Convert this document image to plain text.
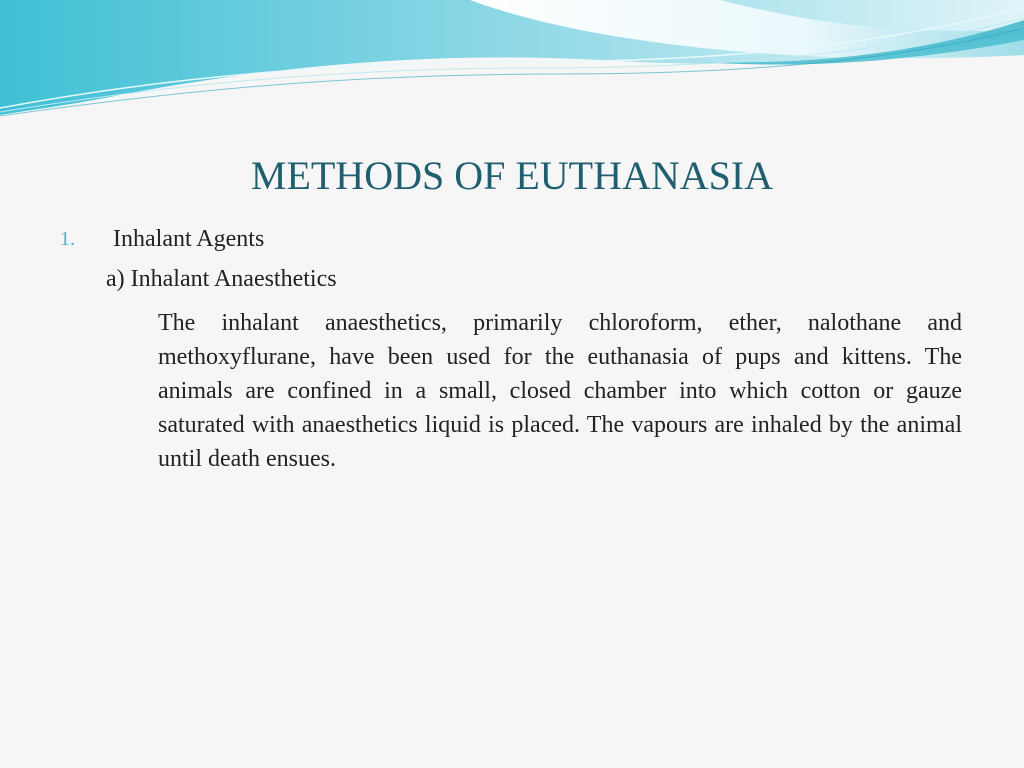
METHODS OF EUTHANASIA
1. Inhalant Agents
a) Inhalant Anaesthetics

The inhalant anaesthetics, primarily chloroform, ether, nalothane and methoxyflurane, have been used for the euthanasia of pups and kittens. The animals are confined in a small, closed chamber into which cotton or gauze saturated with anaesthetics liquid is placed. The vapours are inhaled by the animal until death ensues.
